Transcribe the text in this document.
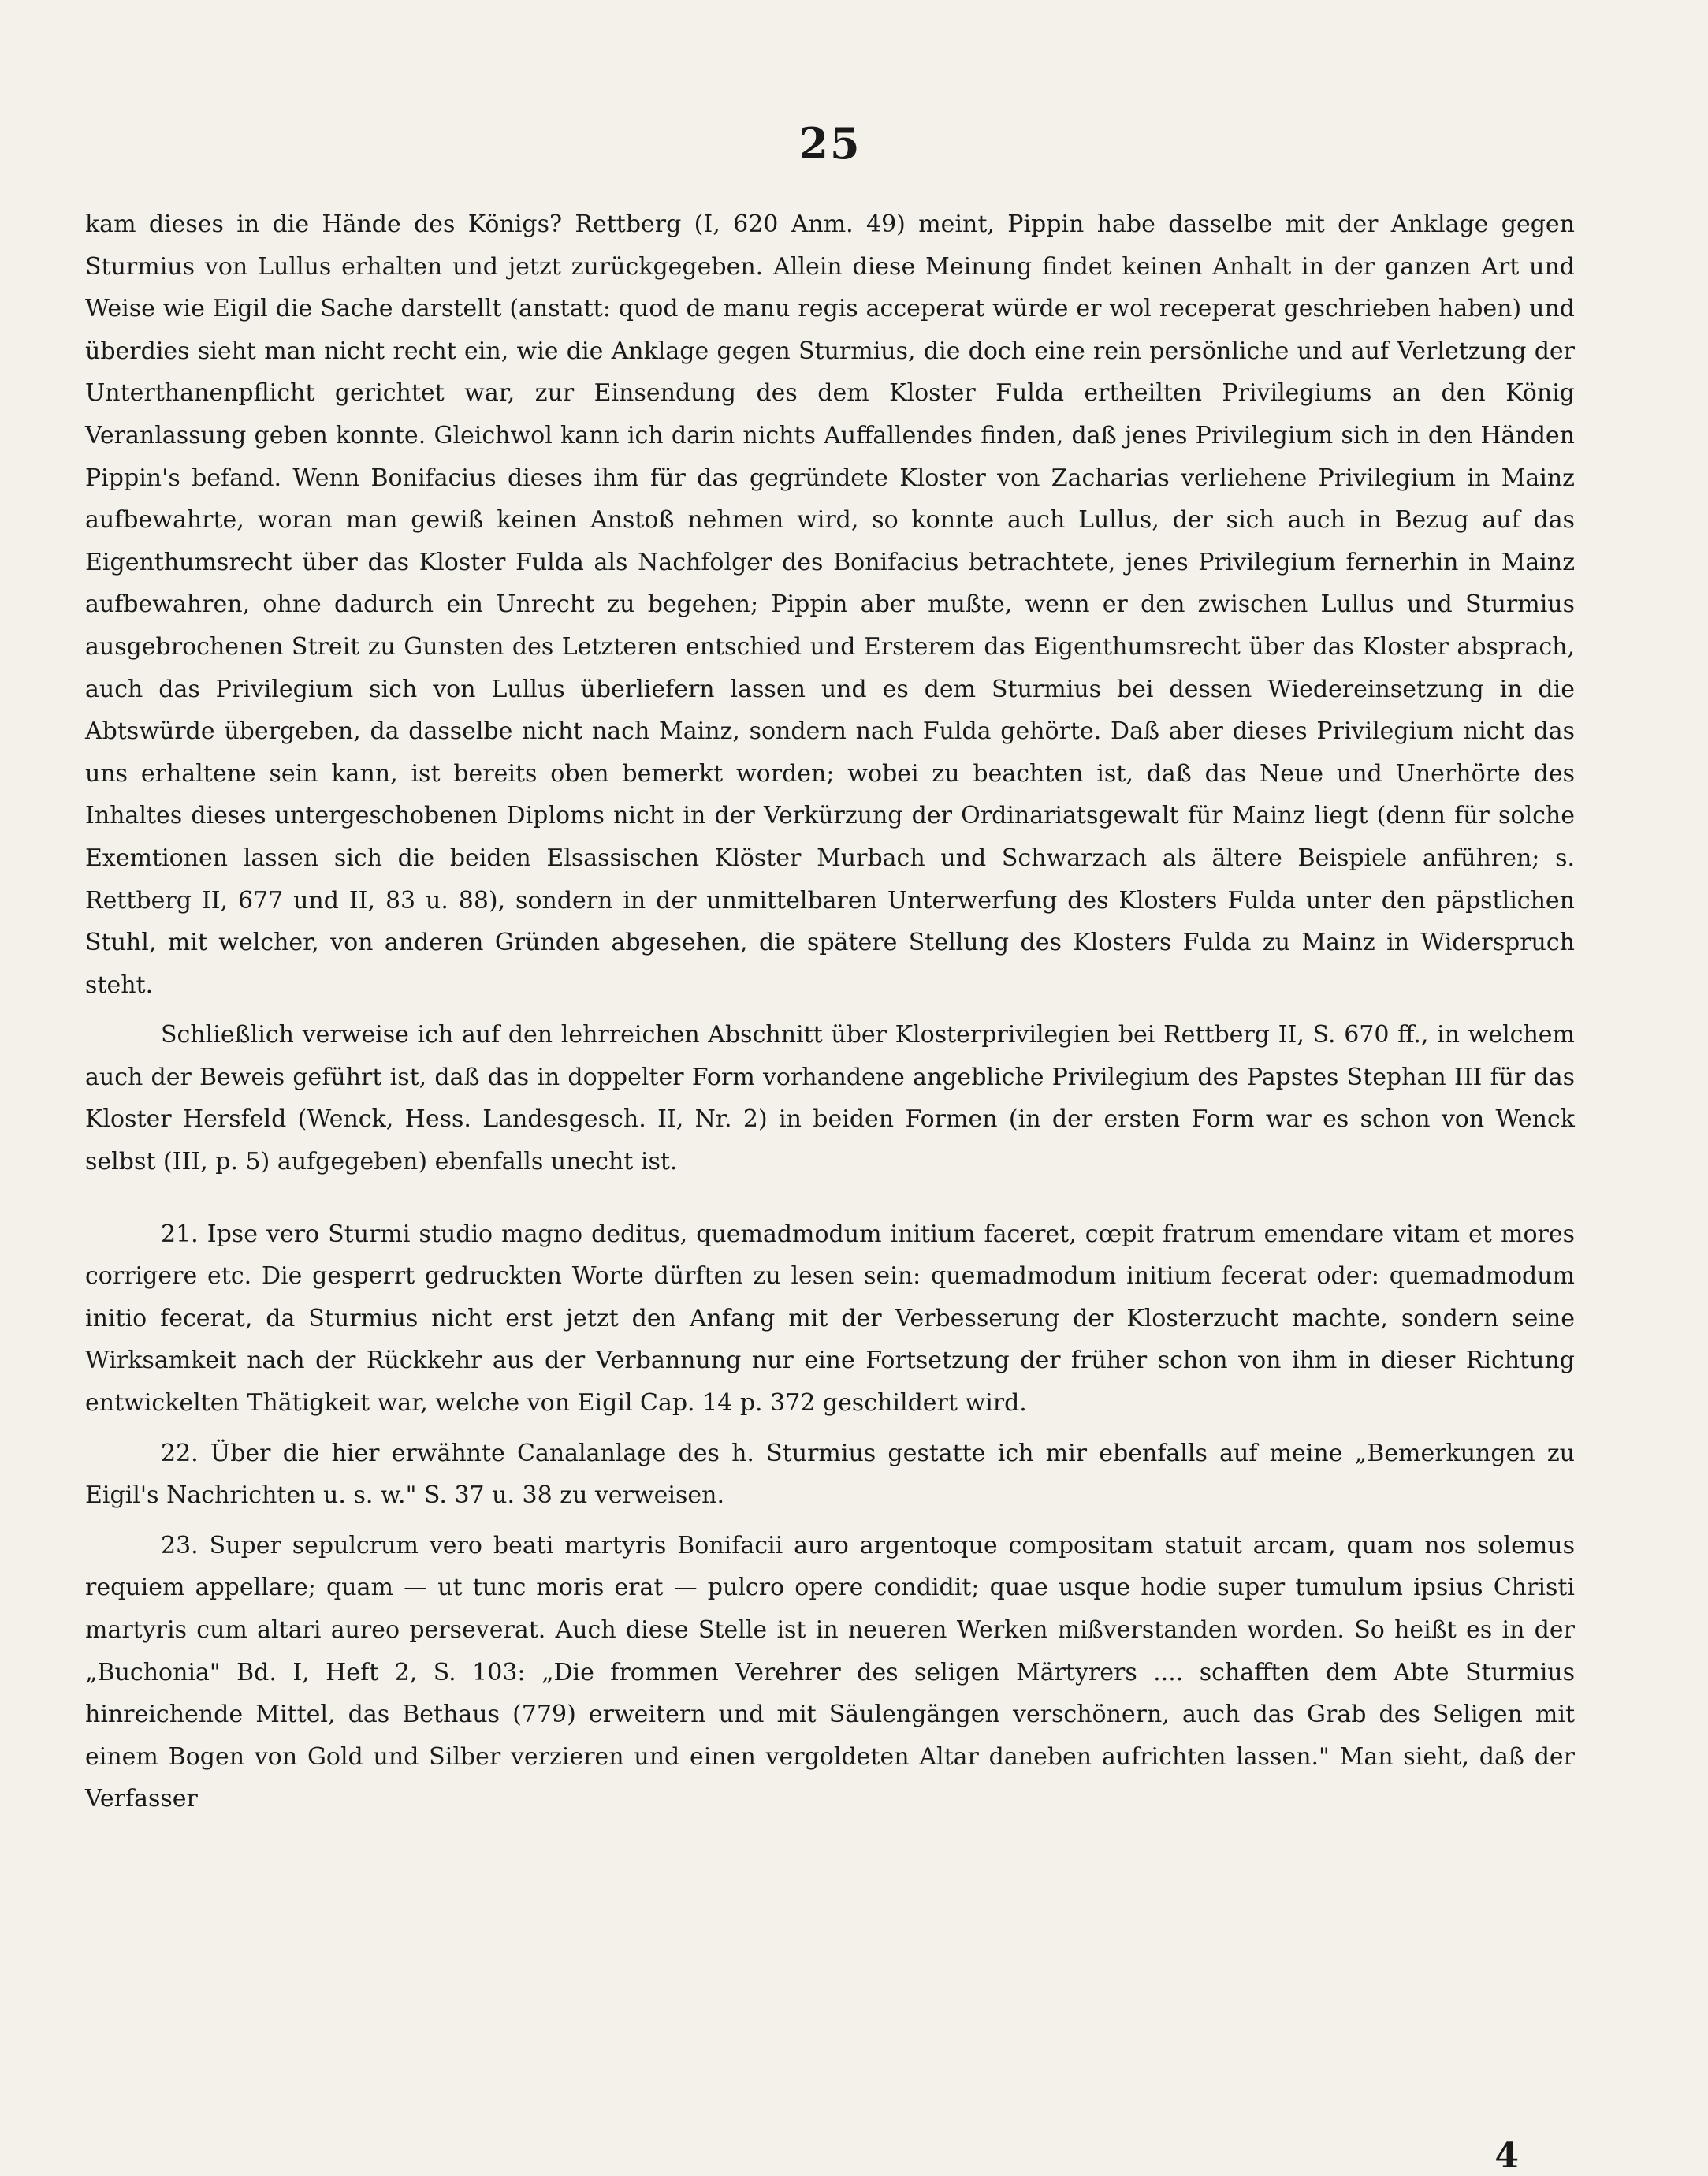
25

kam dieses in die Hände des Königs? Rettberg (I, 620 Anm. 49) meint, Pippin habe dasselbe mit der Anklage gegen Sturmius von Lullus erhalten und jetzt zurückgegeben. Allein diese Meinung findet keinen Anhalt in der ganzen Art und Weise wie Eigil die Sache darstellt (anstatt: quod de manu regis acceperat würde er wol receperat geschrieben haben) und überdies sieht man nicht recht ein, wie die Anklage gegen Sturmius, die doch eine rein persönliche und auf Verletzung der Unterthanenpflicht gerichtet war, zur Einsendung des dem Kloster Fulda ertheilten Privilegiums an den König Veranlassung geben konnte. Gleichwol kann ich darin nichts Auffallendes finden, daß jenes Privilegium sich in den Händen Pippin's befand. Wenn Bonifacius dieses ihm für das gegründete Kloster von Zacharias verliehene Privilegium in Mainz aufbewahrte, woran man gewiß keinen Anstoß nehmen wird, so konnte auch Lullus, der sich auch in Bezug auf das Eigenthumsrecht über das Kloster Fulda als Nachfolger des Bonifacius betrachtete, jenes Privilegium fernerhin in Mainz aufbewahren, ohne dadurch ein Unrecht zu begehen; Pippin aber mußte, wenn er den zwischen Lullus und Sturmius ausgebrochenen Streit zu Gunsten des Letzteren entschied und Ersterem das Eigenthumsrecht über das Kloster absprach, auch das Privilegium sich von Lullus überliefern lassen und es dem Sturmius bei dessen Wiedereinsetzung in die Abtswürde übergeben, da dasselbe nicht nach Mainz, sondern nach Fulda gehörte. Daß aber dieses Privilegium nicht das uns erhaltene sein kann, ist bereits oben bemerkt worden; wobei zu beachten ist, daß das Neue und Unerhörte des Inhaltes dieses untergeschobenen Diploms nicht in der Verkürzung der Ordinariatsgewalt für Mainz liegt (denn für solche Exemtionen lassen sich die beiden Elsassischen Klöster Murbach und Schwarzach als ältere Beispiele anführen; s. Rettberg II, 677 und II, 83 u. 88), sondern in der unmittelbaren Unterwerfung des Klosters Fulda unter den päpstlichen Stuhl, mit welcher, von anderen Gründen abgesehen, die spätere Stellung des Klosters Fulda zu Mainz in Widerspruch steht.

Schließlich verweise ich auf den lehrreichen Abschnitt über Klosterprivilegien bei Rettberg II, S. 670 ff., in welchem auch der Beweis geführt ist, daß das in doppelter Form vorhandene angebliche Privilegium des Papstes Stephan III für das Kloster Hersfeld (Wenck, Hess. Landesgesch. II, Nr. 2) in beiden Formen (in der ersten Form war es schon von Wenck selbst (III, p. 5) aufgegeben) ebenfalls unecht ist.

21. Ipse vero Sturmi studio magno deditus, quemadmodum initium faceret, cœpit fratrum emendare vitam et mores corrigere etc. Die gesperrt gedruckten Worte dürften zu lesen sein: quemadmodum initium fecerat oder: quemadmodum initio fecerat, da Sturmius nicht erst jetzt den Anfang mit der Verbesserung der Klosterzucht machte, sondern seine Wirksamkeit nach der Rückkehr aus der Verbannung nur eine Fortsetzung der früher schon von ihm in dieser Richtung entwickelten Thätigkeit war, welche von Eigil Cap. 14 p. 372 geschildert wird.

22. Über die hier erwähnte Canalanlage des h. Sturmius gestatte ich mir ebenfalls auf meine „Bemerkungen zu Eigil's Nachrichten u. s. w." S. 37 u. 38 zu verweisen.

23. Super sepulcrum vero beati martyris Bonifacii auro argentoque compositam statuit arcam, quam nos solemus requiem appellare; quam — ut tunc moris erat — pulcro opere condidit; quae usque hodie super tumulum ipsius Christi martyris cum altari aureo perseverat. Auch diese Stelle ist in neueren Werken mißverstanden worden. So heißt es in der „Buchonia" Bd. I, Heft 2, S. 103: „Die frommen Verehrer des seligen Märtyrers .... schafften dem Abte Sturmius hinreichende Mittel, das Bethaus (779) erweitern und mit Säulengängen verschönern, auch das Grab des Seligen mit einem Bogen von Gold und Silber verzieren und einen vergoldeten Altar daneben aufrichten lassen." Man sieht, daß der Verfasser

4
